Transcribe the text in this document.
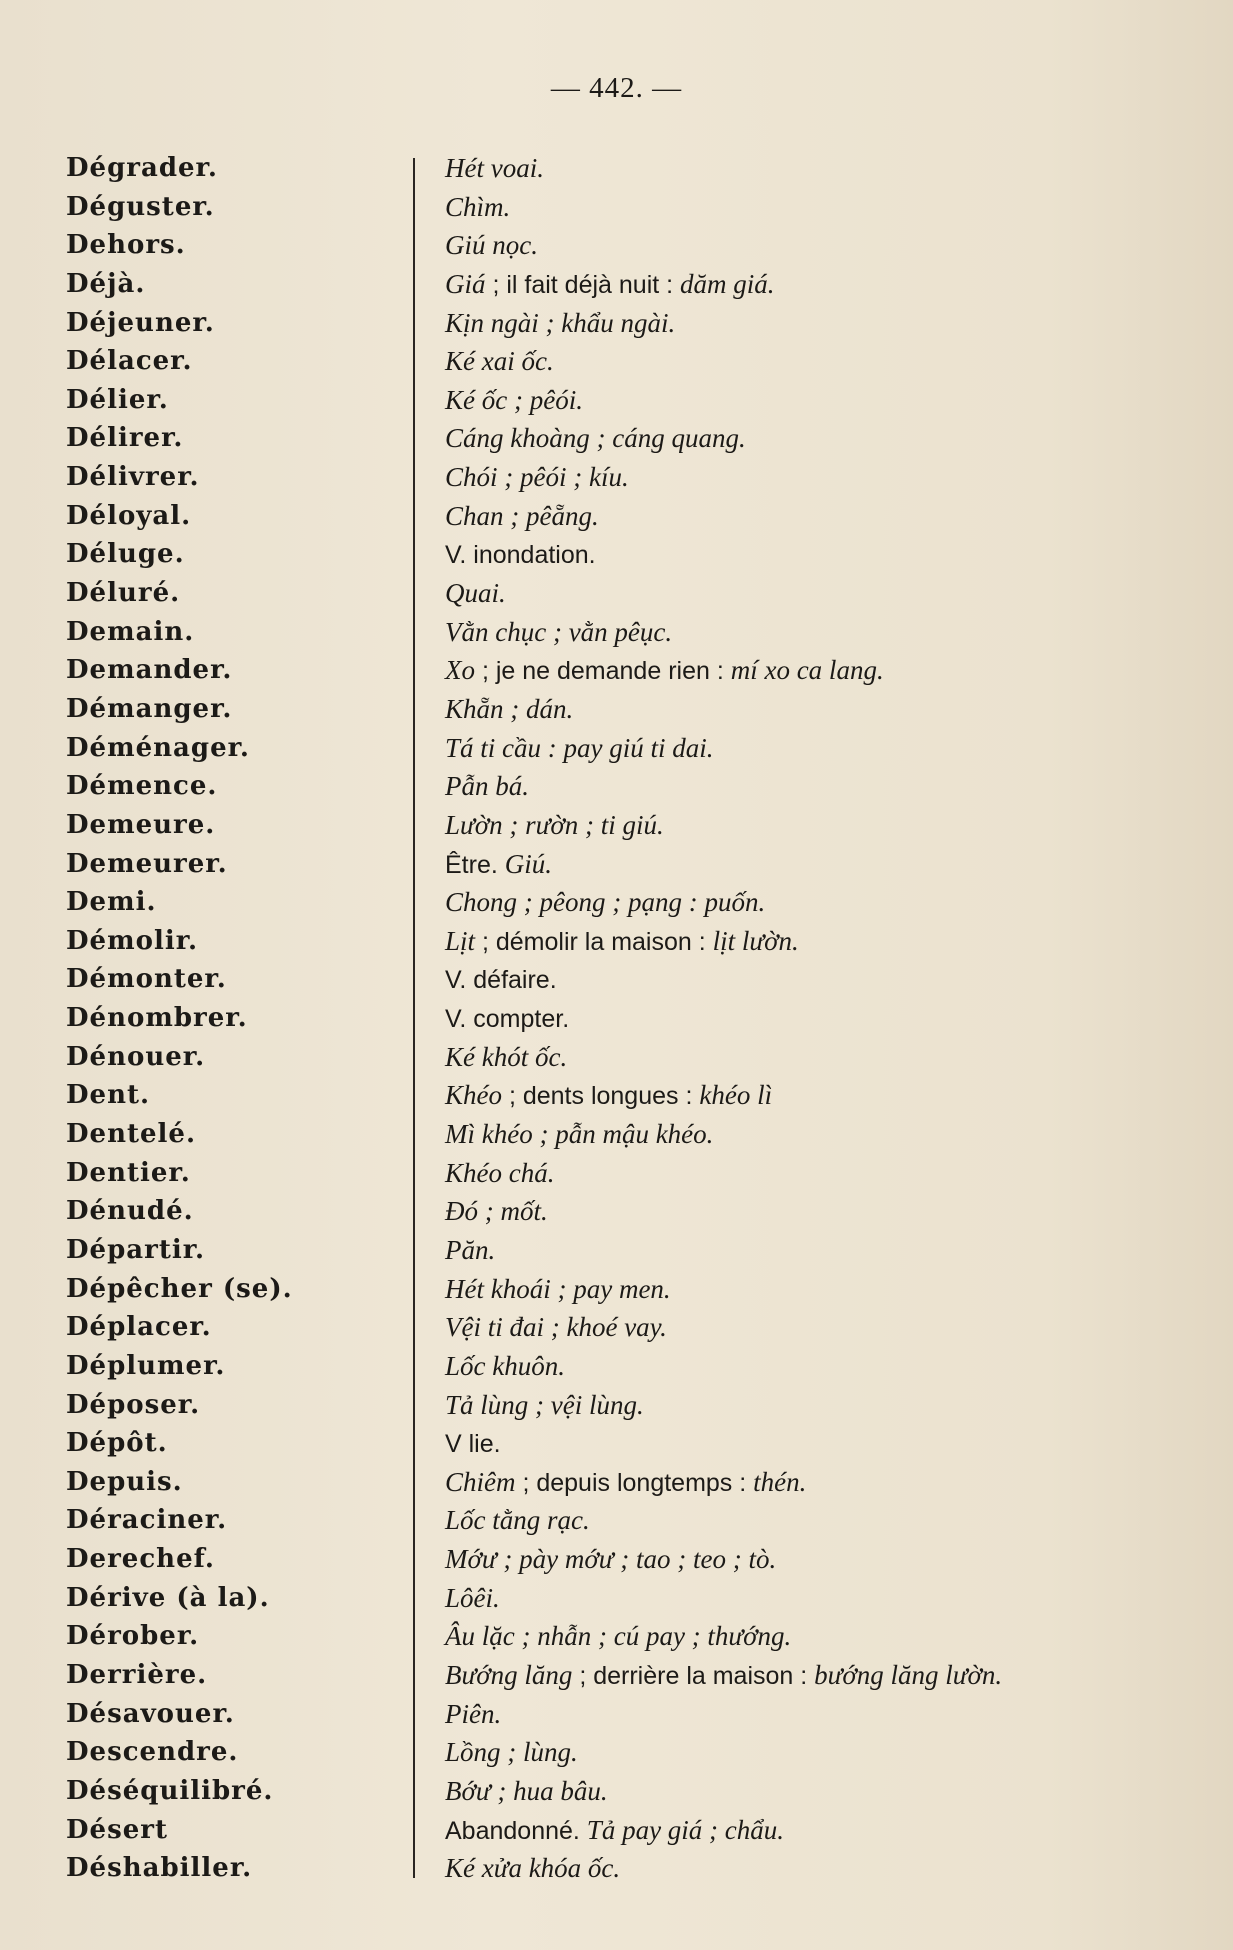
— 442. —
Dégrader.	Hét voai.
Déguster.	Chìm.
Dehors.	Giú nọc.
Déjà.	Giá ; il fait déjà nuit : dăm giá.
Déjeuner.	Kịn ngài ; khẩu ngài.
Délacer.	Ké xai ốc.
Délier.	Ké ốc ; pêói.
Délirer.	Cáng khoàng ; cáng quang.
Délivrer.	Chói ; pêói ; kíu.
Déloyal.	Chan ; pêẵng.
Déluge.	V. inondation.
Déluré.	Quai.
Demain.	Vằn chục ; vằn pêục.
Demander.	Xo ; je ne demande rien : mí xo ca lang.
Démanger.	Khẵn ; dán.
Déménager.	Tá ti cầu : pay giú ti dai.
Démence.	Pẫn bá.
Demeure.	Lườn ; rườn ; ti giú.
Demeurer.	Être. Giú.
Demi.	Chong ; pêong ; pạng : puốn.
Démolir.	Lịt ; démolir la maison : lịt lườn.
Démonter.	V. défaire.
Dénombrer.	V. compter.
Dénouer.	Ké khót ốc.
Dent.	Khéo ; dents longues : khéo lì
Dentelé.	Mì khéo ; pẫn mậu khéo.
Dentier.	Khéo chá.
Dénudé.	Đó ; mốt.
Départir.	Păn.
Dépêcher (se).	Hét khoái ; pay men.
Déplacer.	Vệi ti đai ; khoé vay.
Déplumer.	Lốc khuôn.
Déposer.	Tả lùng ; vệi lùng.
Dépôt.	V lie.
Depuis.	Chiêm ; depuis longtemps : thén.
Déraciner.	Lốc tằng rạc.
Derechef.	Mớư ; pày mớư ; tao ; teo ; tò.
Dérive (à la).	Lôêi.
Dérober.	Âu lặc ; nhẫn ; cú pay ; thướng.
Derrière.	Bướng lăng ; derrière la maison : bướng lăng lườn.
Désavouer.	Piên.
Descendre.	Lồng ; lùng.
Déséquilibré.	Bớư ; hua bâu.
Désert	Abandonné. Tả pay giá ; chẩu.
Déshabiller.	Ké xửa khóa ốc.
